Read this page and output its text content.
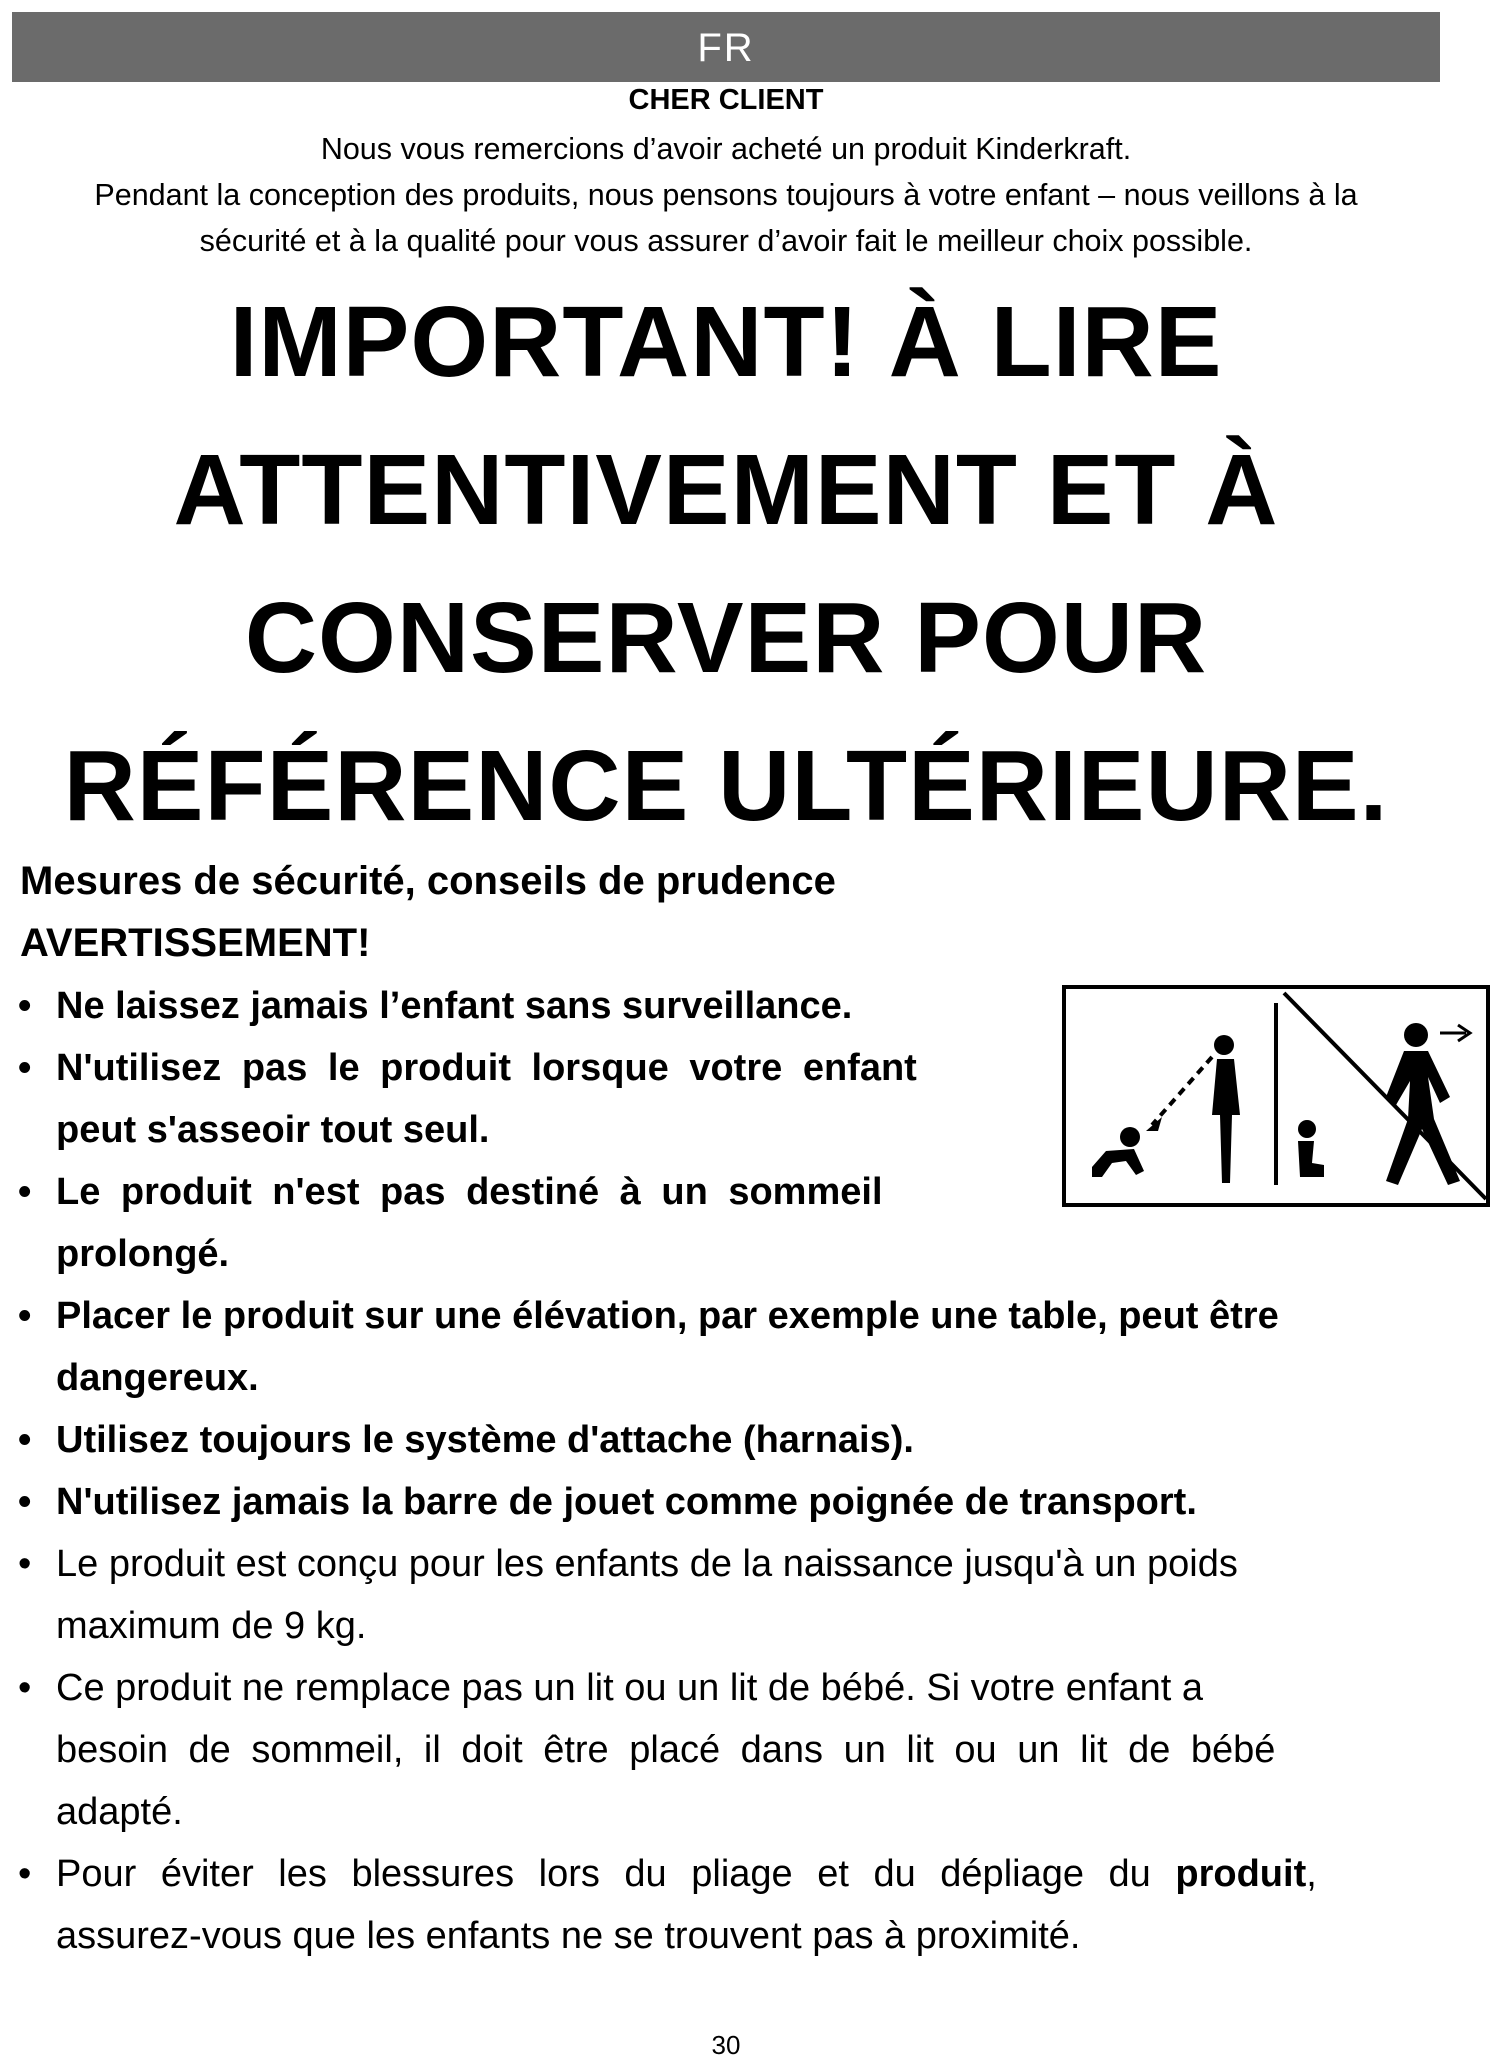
FR
CHER CLIENT
Nous vous remercions d’avoir acheté un produit Kinderkraft.
Pendant la conception des produits, nous pensons toujours à votre enfant – nous veillons à la
sécurité et à la qualité pour vous assurer d’avoir fait le meilleur choix possible.
IMPORTANT! À LIRE
ATTENTIVEMENT ET À
CONSERVER POUR
RÉFÉRENCE ULTÉRIEURE.
Mesures de sécurité, conseils de prudence
AVERTISSEMENT!
• Ne laissez jamais l’enfant sans surveillance.
• N'utilisez pas le produit lorsque votre enfant
peut s'asseoir tout seul.
• Le produit n'est pas destiné à un sommeil
prolongé.
• Placer le produit sur une élévation, par exemple une table, peut être
dangereux.
• Utilisez toujours le système d'attache (harnais).
• N'utilisez jamais la barre de jouet comme poignée de transport.
• Le produit est conçu pour les enfants de la naissance jusqu'à un poids
maximum de 9 kg.
• Ce produit ne remplace pas un lit ou un lit de bébé. Si votre enfant a
besoin de sommeil, il doit être placé dans un lit ou un lit de bébé
adapté.
• Pour éviter les blessures lors du pliage et du dépliage du produit,
assurez-vous que les enfants ne se trouvent pas à proximité.
30
